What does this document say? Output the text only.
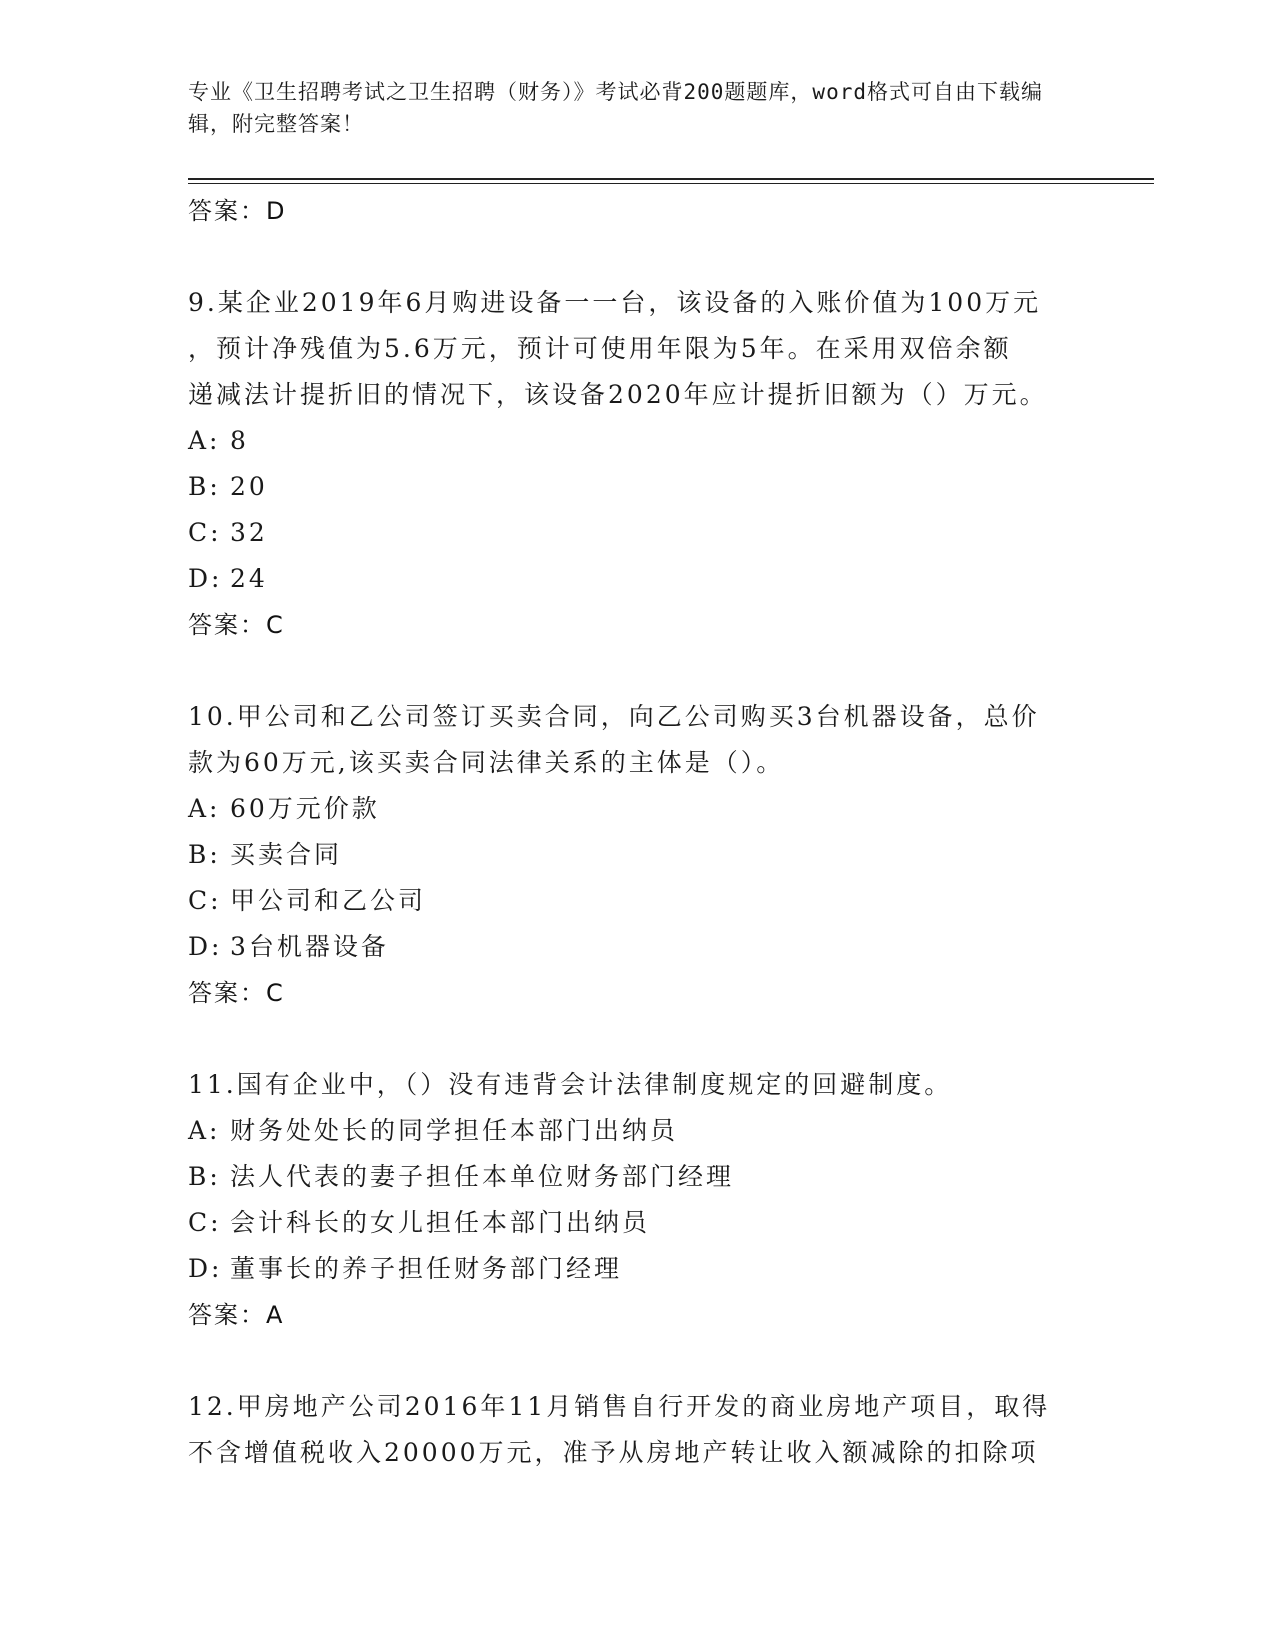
专业《卫生招聘考试之卫生招聘（财务）》考试必背200题题库，word格式可自由下载编辑，附完整答案！
答案：D
9.某企业2019年6月购进设备一一台，该设备的入账价值为100万元
，预计净残值为5.6万元，预计可使用年限为5年。在采用双倍余额
递减法计提折旧的情况下，该设备2020年应计提折旧额为（）万元。
A: 8
B: 20
C: 32
D: 24
答案：C
10.甲公司和乙公司签订买卖合同，向乙公司购买3台机器设备，总价
款为60万元,该买卖合同法律关系的主体是（）。
A: 60万元价款
B: 买卖合同
C: 甲公司和乙公司
D: 3台机器设备
答案：C
11.国有企业中，（）没有违背会计法律制度规定的回避制度。
A: 财务处处长的同学担任本部门出纳员
B: 法人代表的妻子担任本单位财务部门经理
C: 会计科长的女儿担任本部门出纳员
D: 董事长的养子担任财务部门经理
答案：A
12.甲房地产公司2016年11月销售自行开发的商业房地产项目，取得
不含增值税收入20000万元，准予从房地产转让收入额减除的扣除项
